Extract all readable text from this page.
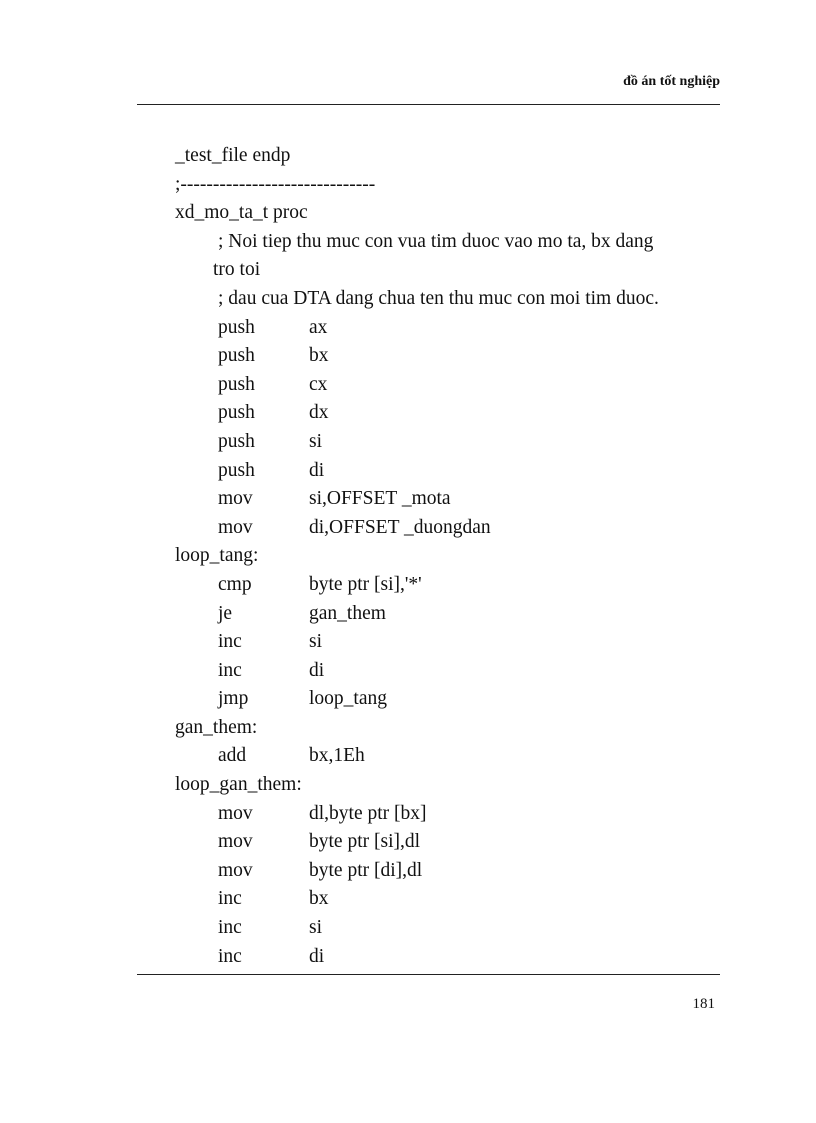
đồ án tốt nghiệp
_test_file endp
;------------------------------
xd_mo_ta_t proc
; Noi tiep thu muc con vua tim duoc vao mo ta, bx dang
tro toi
; dau cua DTA dang chua ten thu muc con moi tim duoc.
push	ax
push	bx
push	cx
push	dx
push	si
push	di
mov	si,OFFSET _mota
mov	di,OFFSET _duongdan
loop_tang:
cmp	byte ptr [si],'*'
je	gan_them
inc	si
inc	di
jmp	loop_tang
gan_them:
add	bx,1Eh
loop_gan_them:
mov	dl,byte ptr [bx]
mov	byte ptr [si],dl
mov	byte ptr [di],dl
inc	bx
inc	si
inc	di
181
